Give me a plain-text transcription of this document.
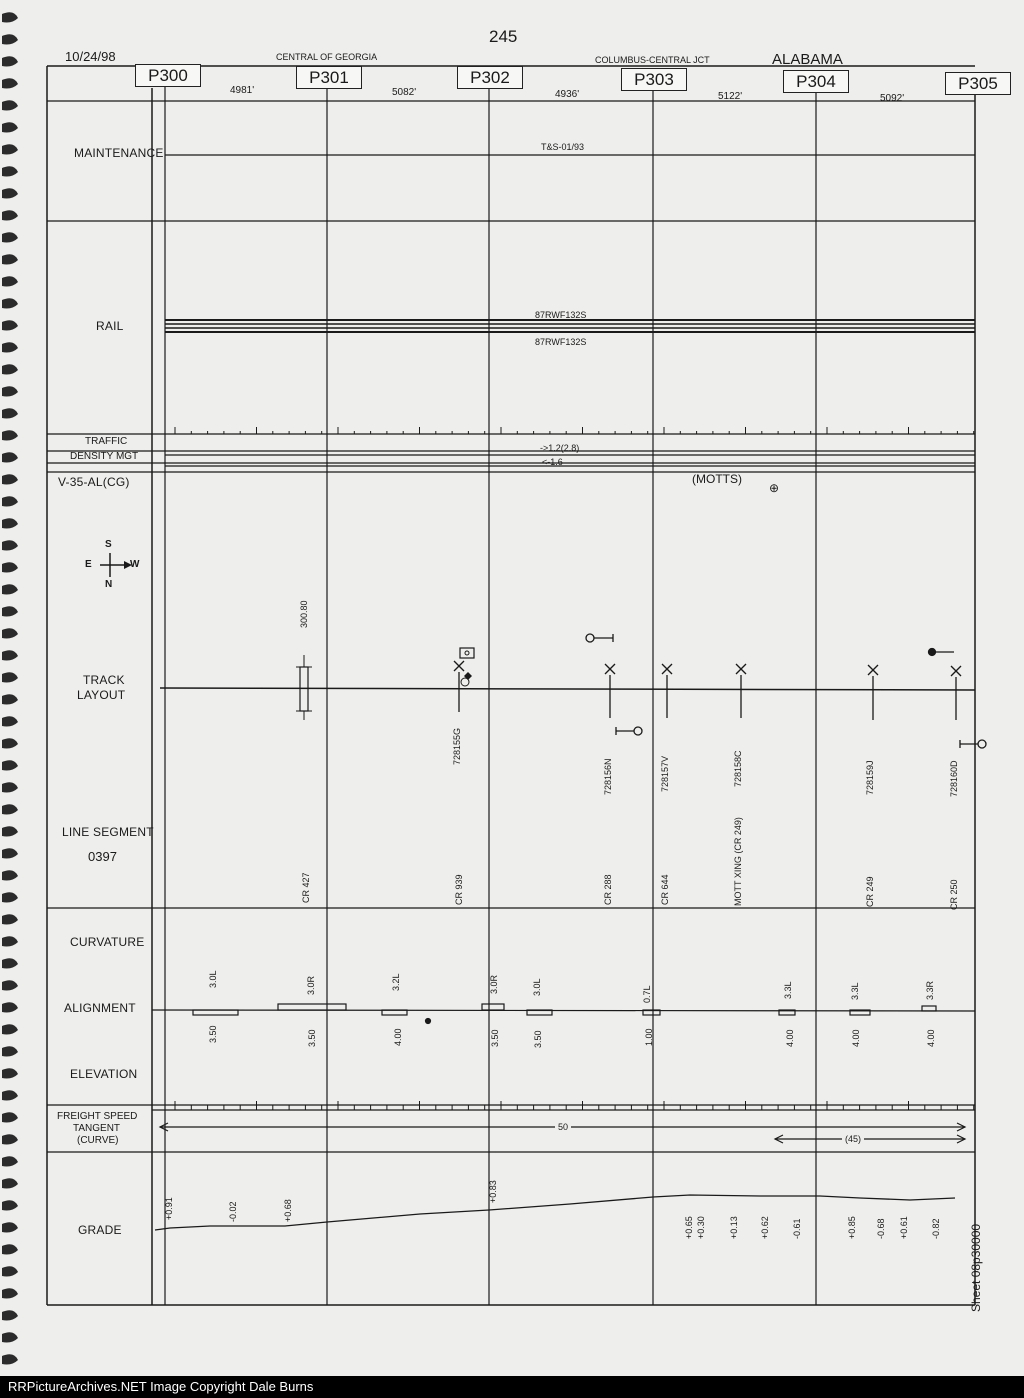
245
10/24/98	CENTRAL OF GEORGIA	COLUMBUS-CENTRAL JCT	ALABAMA
P300	P301	P302	P303	P304	P305
4981'	5082'	4936'	5122'	5092'
MAINTENANCE
RAIL
TRAFFIC
DENSITY MGT
V-35-AL(CG)
TRACK
LAYOUT
LINE SEGMENT
0397
CURVATURE
ALIGNMENT
ELEVATION
FREIGHT SPEED
TANGENT
(CURVE)
GRADE
T&S-01/93
87RWF132S
87RWF132S
->1.2(2.8)
<-1.6
(MOTTS)
⊕
S
E	W
N
300.80
728155G
728156N	728157V	728158C	728159J	728160D
CR 427	CR 939	CR 288	CR 644	MOTT XING (CR 249)	CR 249	CR 250
3.0L	3.0R	3.2L	3.0R	3.0L	0.7L	3.3L	3.3L	3.3R
3.50	3.50	4.00	3.50	3.50	1.00	4.00	4.00	4.00
50
(45)
+0.91	-0.02	+0.68
+0.83
+0.65 +0.30	+0.13 +0.62 -0.61	+0.85 -0.68 +0.61 -0.82 Sheet 08p30000
RRPictureArchives.NET Image Copyright Dale Burns
